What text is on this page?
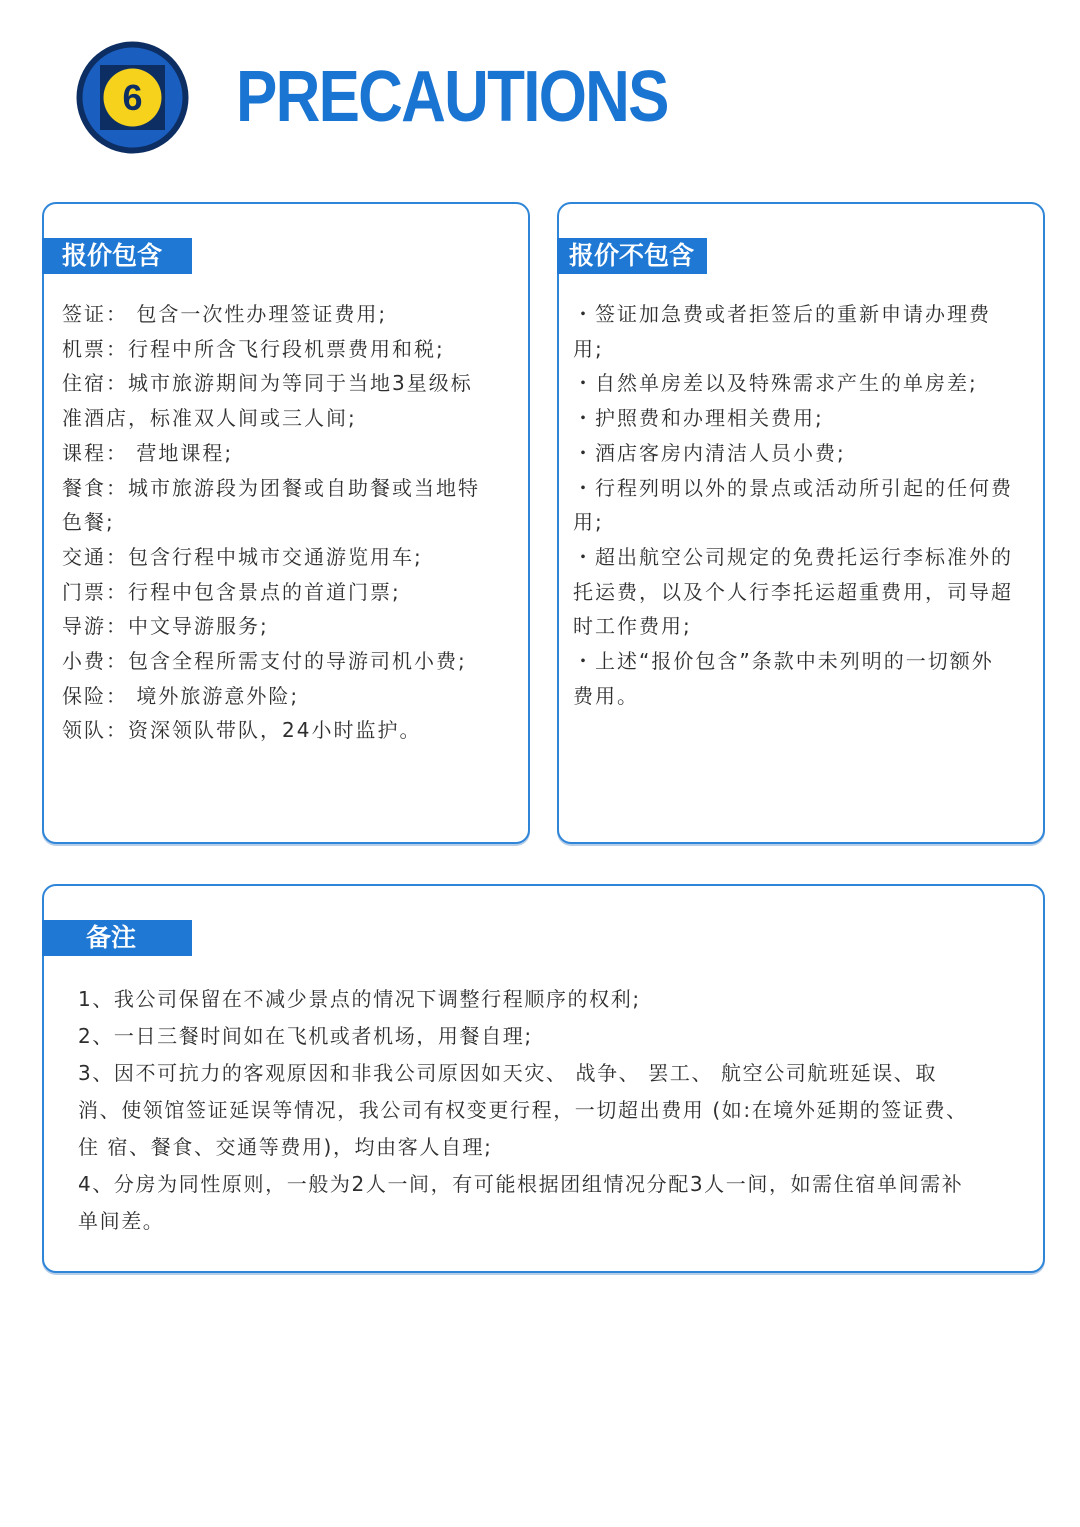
6 PRECAUTIONS
报价包含
签证： 包含一次性办理签证费用;
机票：行程中所含飞行段机票费用和税;
住宿：城市旅游期间为等同于当地3星级标
准酒店，标准双人间或三人间;
课程： 营地课程;
餐食：城市旅游段为团餐或自助餐或当地特
色餐;
交通：包含行程中城市交通游览用车;
门票：行程中包含景点的首道门票;
导游：中文导游服务;
小费：包含全程所需支付的导游司机小费;
保险： 境外旅游意外险;
领队：资深领队带队，24小时监护。
报价不包含
・签证加急费或者拒签后的重新申请办理费
用;
・自然单房差以及特殊需求产生的单房差;
・护照费和办理相关费用;
・酒店客房内清洁人员小费;
・行程列明以外的景点或活动所引起的任何费
用;
・超出航空公司规定的免费托运行李标准外的
托运费，以及个人行李托运超重费用，司导超
时工作费用;
・上述“报价包含”条款中未列明的一切额外
费用。
备注
1、我公司保留在不减少景点的情况下调整行程顺序的权利;
2、一日三餐时间如在飞机或者机场，用餐自理;
3、因不可抗力的客观原因和非我公司原因如天灾、 战争、 罢工、 航空公司航班延误、取
消、使领馆签证延误等情况，我公司有权变更行程，一切超出费用 (如:在境外延期的签证费、
住 宿、餐食、交通等费用)，均由客人自理;
4、分房为同性原则，一般为2人一间，有可能根据团组情况分配3人一间，如需住宿单间需补
单间差。
